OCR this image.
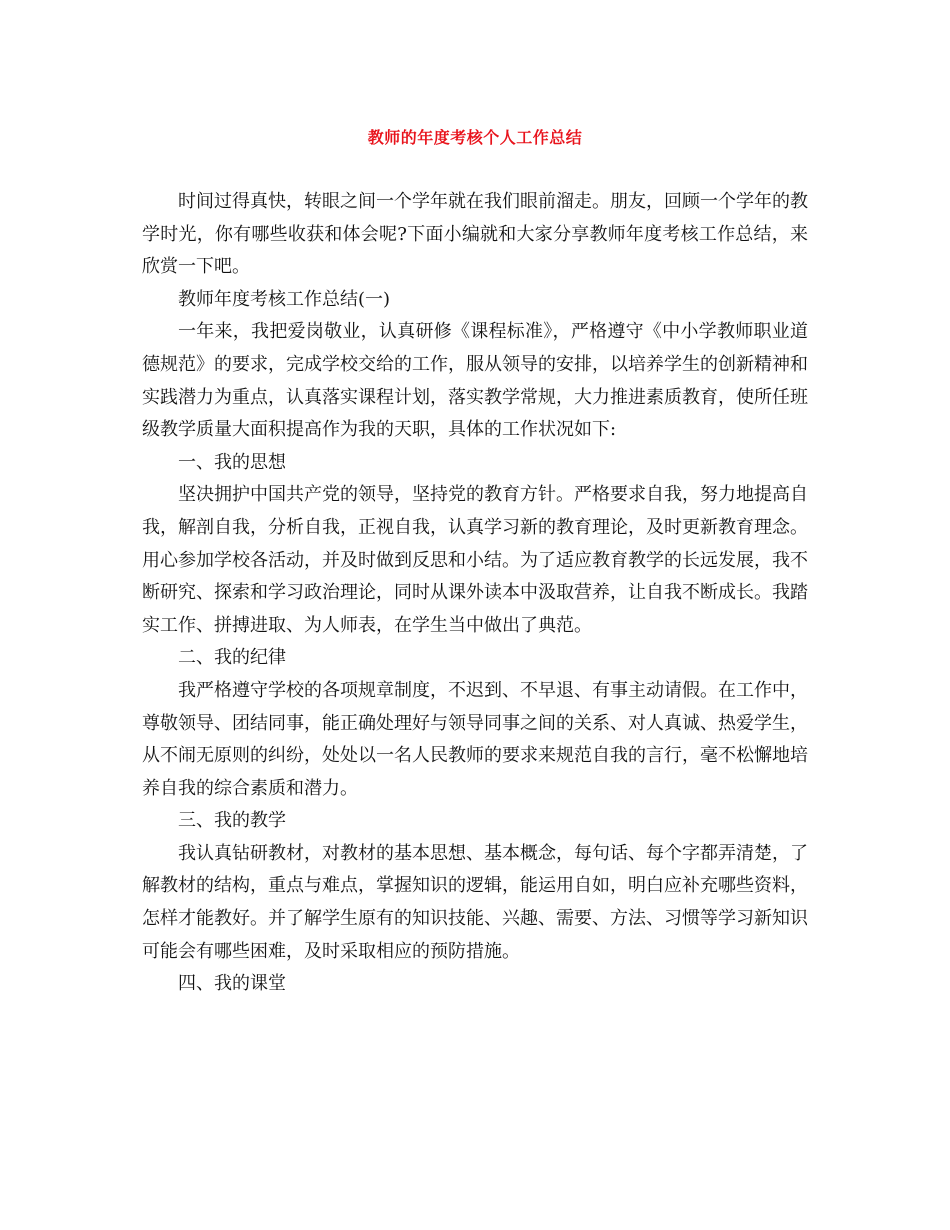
教师的年度考核个人工作总结

时间过得真快，转眼之间一个学年就在我们眼前溜走。朋友，回顾一个学年的教学时光，你有哪些收获和体会呢?下面小编就和大家分享教师年度考核工作总结，来欣赏一下吧。

教师年度考核工作总结(一)

一年来，我把爱岗敬业，认真研修《课程标准》，严格遵守《中小学教师职业道德规范》的要求，完成学校交给的工作，服从领导的安排，以培养学生的创新精神和实践潜力为重点，认真落实课程计划，落实教学常规，大力推进素质教育，使所任班级教学质量大面积提高作为我的天职，具体的工作状况如下:

一、我的思想

坚决拥护中国共产党的领导，坚持党的教育方针。严格要求自我，努力地提高自我，解剖自我，分析自我，正视自我，认真学习新的教育理论，及时更新教育理念。用心参加学校各活动，并及时做到反思和小结。为了适应教育教学的长远发展，我不断研究、探索和学习政治理论，同时从课外读本中汲取营养，让自我不断成长。我踏实工作、拼搏进取、为人师表，在学生当中做出了典范。

二、我的纪律

我严格遵守学校的各项规章制度，不迟到、不早退、有事主动请假。在工作中，尊敬领导、团结同事，能正确处理好与领导同事之间的关系、对人真诚、热爱学生，从不闹无原则的纠纷，处处以一名人民教师的要求来规范自我的言行，毫不松懈地培养自我的综合素质和潜力。

三、我的教学

我认真钻研教材，对教材的基本思想、基本概念，每句话、每个字都弄清楚，了解教材的结构，重点与难点，掌握知识的逻辑，能运用自如，明白应补充哪些资料，怎样才能教好。并了解学生原有的知识技能、兴趣、需要、方法、习惯等学习新知识可能会有哪些困难，及时采取相应的预防措施。

四、我的课堂
